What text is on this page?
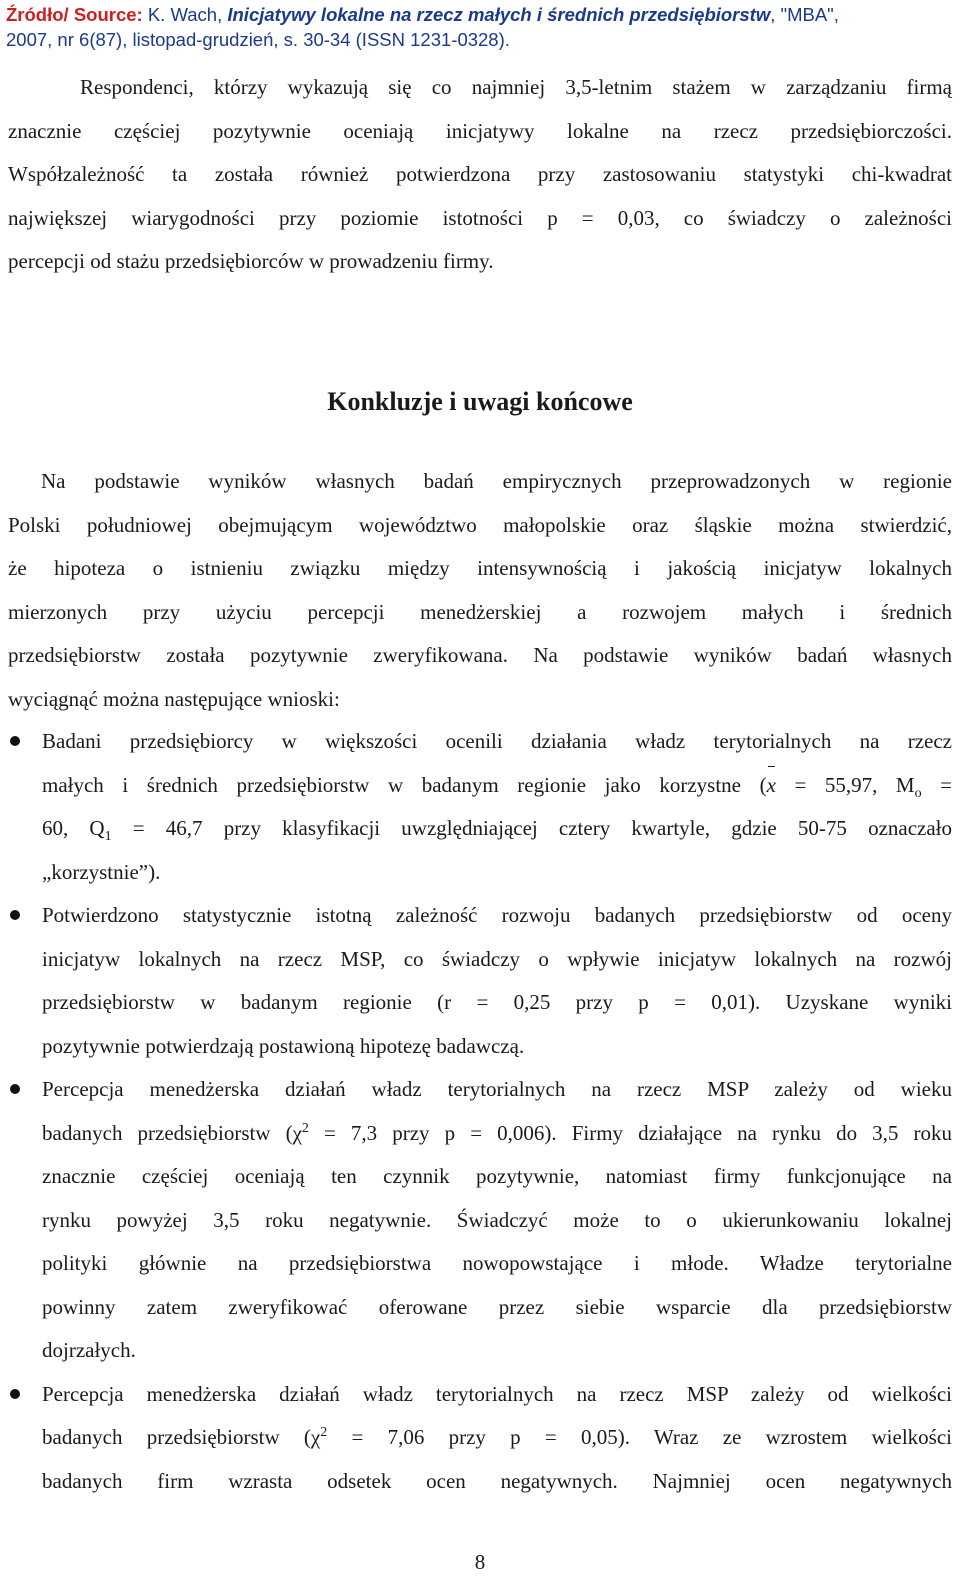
Źródło/ Source: K. Wach, Inicjatywy lokalne na rzecz małych i średnich przedsiębiorstw, "MBA",
2007, nr 6(87), listopad-grudzień, s. 30-34 (ISSN 1231-0328).
Respondenci, którzy wykazują się co najmniej 3,5-letnim stażem w zarządzaniu firmą
znacznie częściej pozytywnie oceniają inicjatywy lokalne na rzecz przedsiębiorczości.
Współzależność ta została również potwierdzona przy zastosowaniu statystyki chi-kwadrat
największej wiarygodności przy poziomie istotności p = 0,03, co świadczy o zależności
percepcji od stażu przedsiębiorców w prowadzeniu firmy.
Konkluzje i uwagi końcowe
Na podstawie wyników własnych badań empirycznych przeprowadzonych w regionie
Polski południowej obejmującym województwo małopolskie oraz śląskie można stwierdzić,
że hipoteza o istnieniu związku między intensywnością i jakością inicjatyw lokalnych
mierzonych przy użyciu percepcji menedżerskiej a rozwojem małych i średnich
przedsiębiorstw została pozytywnie zweryfikowana. Na podstawie wyników badań własnych
wyciągnąć można następujące wnioski:
Badani przedsiębiorcy w większości ocenili działania władz terytorialnych na rzecz
małych i średnich przedsiębiorstw w badanym regionie jako korzystne (x = 55,97, $M_o$ =
60, $Q_1 = 46,7$ przy klasyfikacji uwzględniającej cztery kwartyle, gdzie 50-75 oznaczało
„korzystnie”).
Potwierdzono statystycznie istotną zależność rozwoju badanych przedsiębiorstw od oceny
inicjatyw lokalnych na rzecz MSP, co świadczy o wpływie inicjatyw lokalnych na rozwój
przedsiębiorstw w badanym regionie (r = 0,25 przy p = 0,01). Uzyskane wyniki
pozytywnie potwierdzają postawioną hipotezę badawczą.
Percepcja menedżerska działań władz terytorialnych na rzecz MSP zależy od wieku
badanych przedsiębiorstw ($\chi^2 = 7,3$ przy p = 0,006). Firmy działające na rynku do 3,5 roku
znacznie częściej oceniają ten czynnik pozytywnie, natomiast firmy funkcjonujące na
rynku powyżej 3,5 roku negatywnie. Świadczyć może to o ukierunkowaniu lokalnej
polityki głównie na przedsiębiorstwa nowopowstające i młode. Władze terytorialne
powinny zatem zweryfikować oferowane przez siebie wsparcie dla przedsiębiorstw
dojrzałych.
Percepcja menedżerska działań władz terytorialnych na rzecz MSP zależy od wielkości
badanych przedsiębiorstw ($\chi^2 = 7,06$ przy p = 0,05). Wraz ze wzrostem wielkości
badanych firm wzrasta odsetek ocen negatywnych. Najmniej ocen negatywnych
8
